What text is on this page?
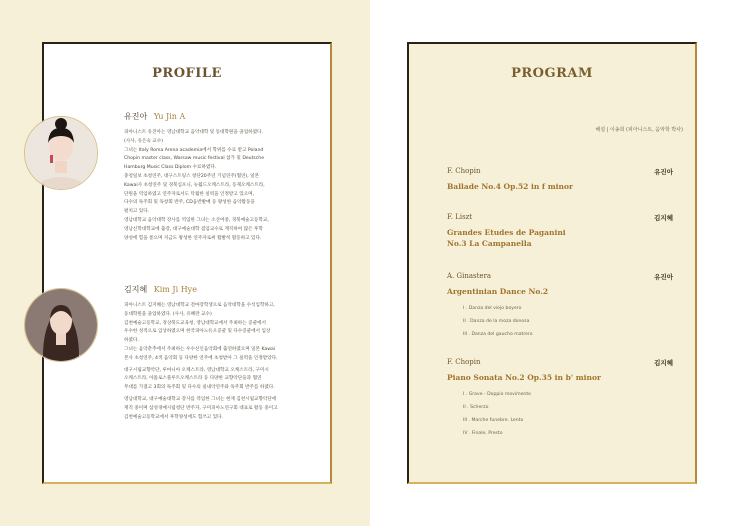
PROFILE
유진아 Yu Jin A

피아니스트 유진아는 영남대학교 음악대학 및 동대학원을 졸업하였다.
(사사, 유은숙 교수)
그녀는 Italy Roma Arena academia에서 학위를 수료 받고 Poland
Chopin master class, Warsaw music festival 참가 및 Deutsche
Hamburg Music Class Diplom 수료하였다.
충청일보 초청연주, 대구스트링스 창단20주년 기념연주(협연), 일본
Kawai사 초청연주 및 경북심포니, 뉴월드오케스트라, 동제오케스트라,
단원을 역임하였고 연주자로서도 탁월한 실력을 인정받고 있으며,
다수의 독주회 및 독창회 반주, CD음반발매 등 왕성한 음악활동을
펼치고 있다.
영남대학교 음악대학 강사를 역임한 그녀는 소산여중, 경북예술고등학교,
영남신학대학교에 출강, 대구예술대학 겸임교수로 재직하여 많은 후학
양성에 힘을 쏟으며 지금도 왕성한 연주자로써 활발히 활동하고 있다.

김지혜 Kim Ji Hye

피아니스트 김지혜는 영남대학교 전마장학생으로 음악대학을 수석입학하고,
동대학원을 졸업하였다. (사사, 유혜란 교수)
김천예술고등학교, 경상북도교육청, 영남대학교에서 주최하는 콩쿨에서
우수한 성적으로 입상하였으며 한국피아노듀오콩쿨 및 다수콩쿨에서 입상
하였다.
그녀는 음악춘추에서 주최하는 우수신인음악회에 출연하였으며 일본 Kawai
본사 초청연주, 4색 음악회 등 다양한 연주에 초청받아 그 실력을 인정받았다.

대구시립교향악단, 루마니아 오케스트라, 영남대학교 오케스트라, 구미시
오케스트라, 아틀로스플루트오케스트라 등 다양한 교향악단들과 협연
무대를 가졌고 3회의 독주회 및 다수의 실내악연주와 독주회 반주를 하였다.

영남대학교, 대구예술대학교 강사를 역임한 그녀는 현재 김천시립교향악단에
재직 중이며 삼성경매시립청단 반주자, 구미피아노연구회 대표로 활동 중이고
김천예술고등학교에서 후학양성에도 힘쓰고 있다.

PROGRAM
해설 | 이송희 (피아니스트, 음악학 박사)
F. Chopin	유진아
Ballade No.4 Op.52 in f minor
F. Liszt	김지혜
Grandes Etudes de Paganini
No.3 La Campanella
A. Ginastera	유진아
Argentinian Dance No.2
I . Danza del viejo boyero
II . Danza de la moza donosa
III . Danza del gaucho matrero
F. Chopin	김지혜
Piano Sonata No.2 Op.35 in b' minor
I . Grave - Doppio movimento
II . Scherzo
III . Marche funebre. Lento
IV . Finale, Presto
